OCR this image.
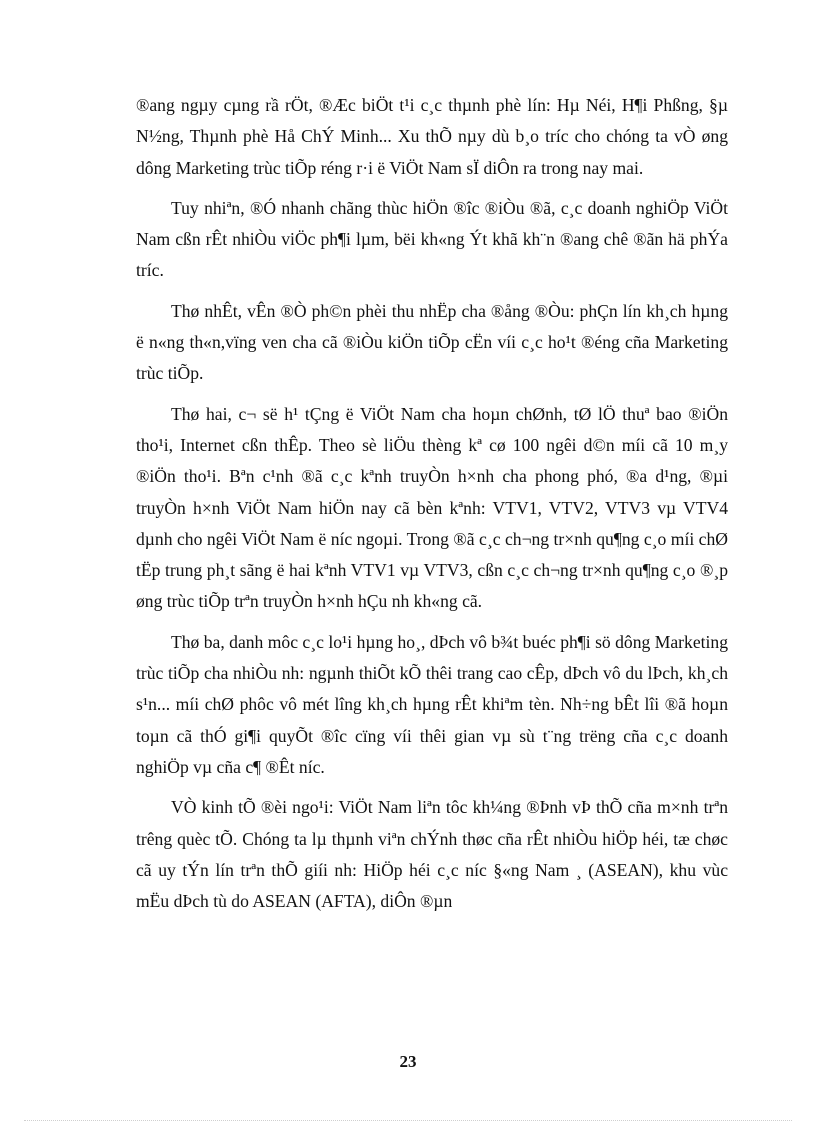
®ang ngµy cµng rầ rÖt, ®Æc biÖt t¹i c¸c thµnh phè lín: Hµ Néi, H¶i Phßng, §µ N½ng, Thµnh phè Hå ChÝ Minh... Xu thÕ nµy dù b¸o tríc cho chóng ta vÒ øng dông Marketing trùc tiÕp réng r·i ë ViÖt Nam sÏ diÔn ra trong nay mai.

Tuy nhiªn, ®Ó nhanh chãng thùc hiÖn ®îc ®iÒu ®ã, c¸c doanh nghiÖp ViÖt Nam cßn rÊt nhiÒu viÖc ph¶i lµm, bëi kh«ng Ýt khã kh¨n ®ang chê ®ãn hä phÝa tríc.

Thø nhÊt, vÊn ®Ò ph©n phèi thu nhËp cha ®ång ®Òu: phÇn lín kh¸ch hµng ë n«ng th«n,vïng ven cha cã ®iÒu kiÖn tiÕp cËn víi c¸c ho¹t ®éng cña Marketing trùc tiÕp.

Thø hai, c¬ së h¹ tÇng ë ViÖt Nam cha hoµn chØnh, tØ lÖ thuª bao ®iÖn tho¹i, Internet cßn thÊp. Theo sè liÖu thèng kª cø 100 ngêi d©n míi cã 10 m¸y ®iÖn tho¹i. Bªn c¹nh ®ã c¸c kªnh truyÒn h×nh cha phong phó, ®a d¹ng, ®µi truyÒn h×nh ViÖt Nam hiÖn nay cã bèn kªnh: VTV1, VTV2, VTV3 vµ VTV4 dµnh cho ngêi ViÖt Nam ë níc ngoµi. Trong ®ã c¸c ch¬ng tr×nh qu¶ng c¸o míi chØ tËp trung ph¸t sãng ë hai kªnh VTV1 vµ VTV3, cßn c¸c ch¬ng tr×nh qu¶ng c¸o ®¸p øng trùc tiÕp trªn truyÒn h×nh hÇu nh kh«ng cã.

Thø ba, danh môc c¸c lo¹i hµng ho¸, dÞch vô b¾t buéc ph¶i sö dông Marketing trùc tiÕp cha nhiÒu nh: ngµnh thiÕt kÕ thêi trang cao cÊp, dÞch vô du lÞch, kh¸ch s¹n... míi chØ phôc vô mét lîng kh¸ch hµng rÊt khiªm tèn. Nh÷ng bÊt lîi ®ã hoµn toµn cã thÓ gi¶i quyÕt ®îc cïng víi thêi gian vµ sù t¨ng trëng cña c¸c doanh nghiÖp vµ cña c¶ ®Êt níc.

VÒ kinh tÕ ®èi ngo¹i: ViÖt Nam liªn tôc kh¼ng ®Þnh vÞ thÕ cña m×nh trªn trêng quèc tÕ. Chóng ta lµ thµnh viªn chÝnh thøc cña rÊt nhiÒu hiÖp héi, tæ chøc cã uy tÝn lín trªn thÕ giíi nh: HiÖp héi c¸c níc §«ng Nam ¸ (ASEAN), khu vùc mËu dÞch tù do ASEAN (AFTA), diÔn ®µn

23
